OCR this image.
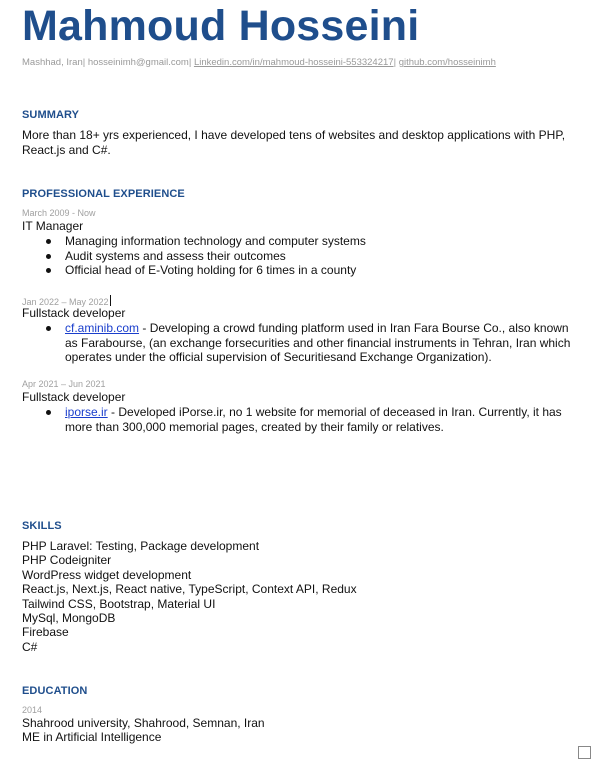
Mahmoud Hosseini
Mashhad, Iran| hosseinimh@gmail.com| Linkedin.com/in/mahmoud-hosseini-553324217| github.com/hosseinimh
SUMMARY
More than 18+ yrs experienced, I have developed tens of websites and desktop applications with PHP, React.js and C#.
PROFESSIONAL EXPERIENCE
March 2009 - Now
IT Manager
Managing information technology and computer systems
Audit systems and assess their outcomes
Official head of E-Voting holding for 6 times in a county
Jan 2022 – May 2022
Fullstack developer
cf.aminib.com - Developing a crowd funding platform used in Iran Fara Bourse Co., also known as Farabourse, (an exchange forsecurities and other financial instruments in Tehran, Iran which operates under the official supervision of Securitiesand Exchange Organization).
Apr 2021 – Jun 2021
Fullstack developer
iporse.ir - Developed iPorse.ir, no 1 website for memorial of deceased in Iran. Currently, it has more than 300,000 memorial pages, created by their family or relatives.
SKILLS
PHP Laravel: Testing, Package development
PHP Codeigniter
WordPress widget development
React.js, Next.js, React native, TypeScript, Context API, Redux
Tailwind CSS, Bootstrap, Material UI
MySql, MongoDB
Firebase
C#
EDUCATION
2014
Shahrood university, Shahrood, Semnan, Iran
ME in Artificial Intelligence
